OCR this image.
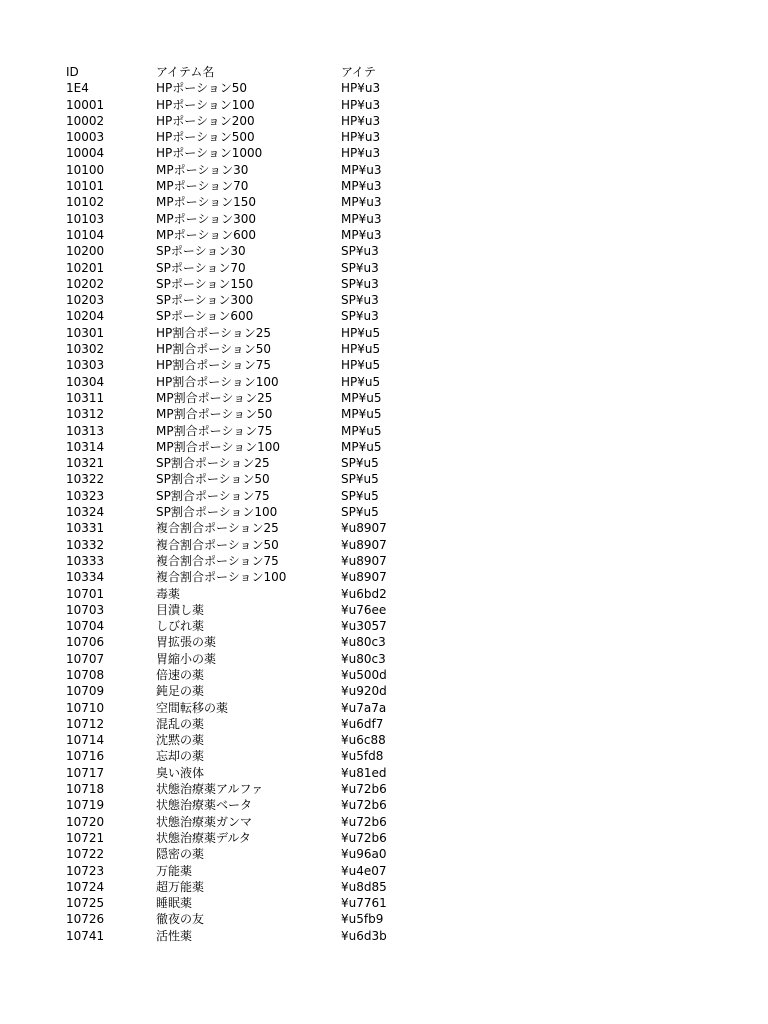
ID	アイテム名	アイテ
1E4	HPポーション50	HP¥u3
10001	HPポーション100	HP¥u3
10002	HPポーション200	HP¥u3
10003	HPポーション500	HP¥u3
10004	HPポーション1000	HP¥u3
10100	MPポーション30	MP¥u3
10101	MPポーション70	MP¥u3
10102	MPポーション150	MP¥u3
10103	MPポーション300	MP¥u3
10104	MPポーション600	MP¥u3
10200	SPポーション30	SP¥u3
10201	SPポーション70	SP¥u3
10202	SPポーション150	SP¥u3
10203	SPポーション300	SP¥u3
10204	SPポーション600	SP¥u3
10301	HP割合ポーション25	HP¥u5
10302	HP割合ポーション50	HP¥u5
10303	HP割合ポーション75	HP¥u5
10304	HP割合ポーション100	HP¥u5
10311	MP割合ポーション25	MP¥u5
10312	MP割合ポーション50	MP¥u5
10313	MP割合ポーション75	MP¥u5
10314	MP割合ポーション100	MP¥u5
10321	SP割合ポーション25	SP¥u5
10322	SP割合ポーション50	SP¥u5
10323	SP割合ポーション75	SP¥u5
10324	SP割合ポーション100	SP¥u5
10331	複合割合ポーション25	¥u8907
10332	複合割合ポーション50	¥u8907
10333	複合割合ポーション75	¥u8907
10334	複合割合ポーション100	¥u8907
10701	毒薬	¥u6bd2
10703	目潰し薬	¥u76ee
10704	しびれ薬	¥u3057
10706	胃拡張の薬	¥u80c3
10707	胃縮小の薬	¥u80c3
10708	倍速の薬	¥u500d
10709	鈍足の薬	¥u920d
10710	空間転移の薬	¥u7a7a
10712	混乱の薬	¥u6df7
10714	沈黙の薬	¥u6c88
10716	忘却の薬	¥u5fd8
10717	臭い液体	¥u81ed
10718	状態治療薬アルファ	¥u72b6
10719	状態治療薬ベータ	¥u72b6
10720	状態治療薬ガンマ	¥u72b6
10721	状態治療薬デルタ	¥u72b6
10722	隠密の薬	¥u96a0
10723	万能薬	¥u4e07
10724	超万能薬	¥u8d85
10725	睡眠薬	¥u7761
10726	徹夜の友	¥u5fb9
10741	活性薬	¥u6d3b
